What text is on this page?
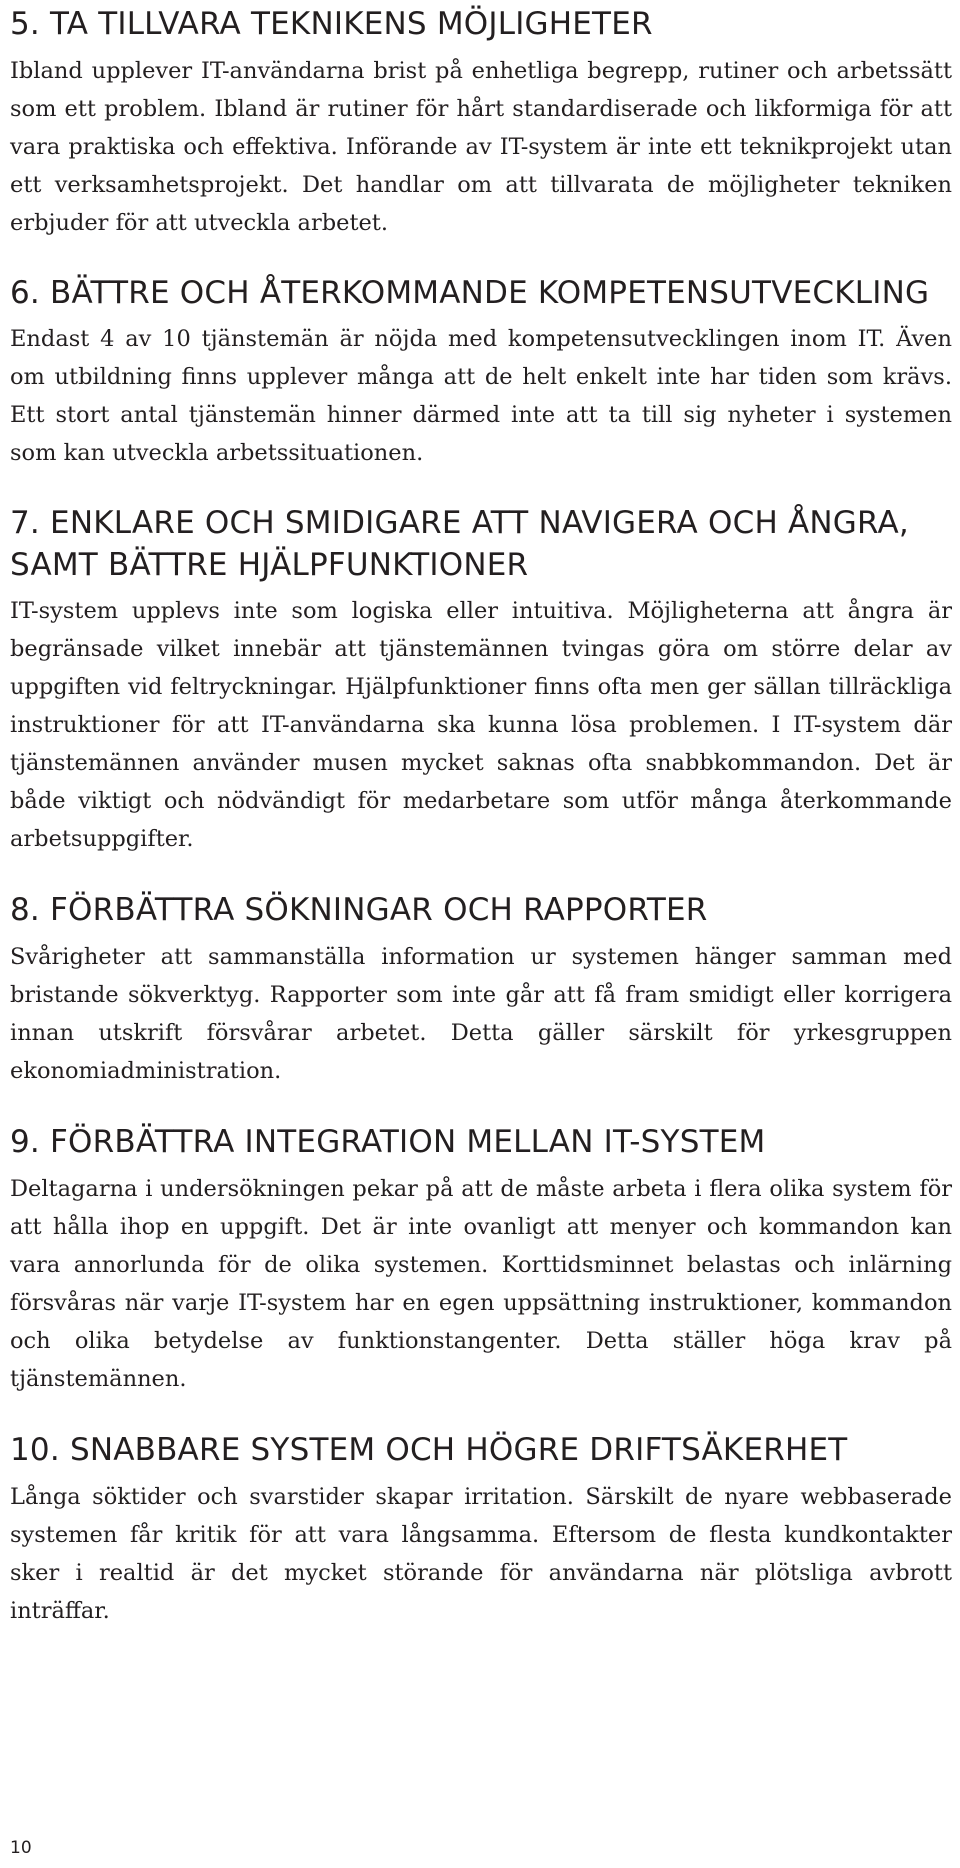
5. TA TILLVARA TEKNIKENS MÖJLIGHETER

Ibland upplever IT-användarna brist på enhetliga begrepp, rutiner och arbetssätt som ett problem. Ibland är rutiner för hårt standardiserade och likformiga för att vara praktiska och effektiva. Införande av IT-system är inte ett teknikprojekt utan ett verksamhetsprojekt. Det handlar om att tillvarata de möjligheter tekniken erbjuder för att utveckla arbetet.

6. BÄTTRE OCH ÅTERKOMMANDE KOMPETENSUTVECKLING

Endast 4 av 10 tjänstemän är nöjda med kompetensutvecklingen inom IT. Även om utbildning finns upplever många att de helt enkelt inte har tiden som krävs. Ett stort antal tjänstemän hinner därmed inte att ta till sig nyheter i systemen som kan utveckla arbetssituationen.

7. ENKLARE OCH SMIDIGARE ATT NAVIGERA OCH ÅNGRA, SAMT BÄTTRE HJÄLPFUNKTIONER

IT-system upplevs inte som logiska eller intuitiva. Möjligheterna att ångra är begränsade vilket innebär att tjänstemännen tvingas göra om större delar av uppgiften vid feltryckningar. Hjälpfunktioner finns ofta men ger sällan tillräckliga instruktioner för att IT-användarna ska kunna lösa problemen. I IT-system där tjänstemännen använder musen mycket saknas ofta snabbkommandon. Det är både viktigt och nödvändigt för medarbetare som utför många återkommande arbetsuppgifter.

8. FÖRBÄTTRA SÖKNINGAR OCH RAPPORTER

Svårigheter att sammanställa information ur systemen hänger samman med bristande sökverktyg. Rapporter som inte går att få fram smidigt eller korrigera innan utskrift försvårar arbetet. Detta gäller särskilt för yrkesgruppen ekonomiadministration.

9. FÖRBÄTTRA INTEGRATION MELLAN IT-SYSTEM

Deltagarna i undersökningen pekar på att de måste arbeta i flera olika system för att hålla ihop en uppgift. Det är inte ovanligt att menyer och kommandon kan vara annorlunda för de olika systemen. Korttidsminnet belastas och inlärning försvåras när varje IT-system har en egen uppsättning instruktioner, kommandon och olika betydelse av funktionstangenter. Detta ställer höga krav på tjänstemännen.

10. SNABBARE SYSTEM OCH HÖGRE DRIFTSÄKERHET

Långa söktider och svarstider skapar irritation. Särskilt de nyare webbaserade systemen får kritik för att vara långsamma. Eftersom de flesta kundkontakter sker i realtid är det mycket störande för användarna när plötsliga avbrott inträffar.

10
